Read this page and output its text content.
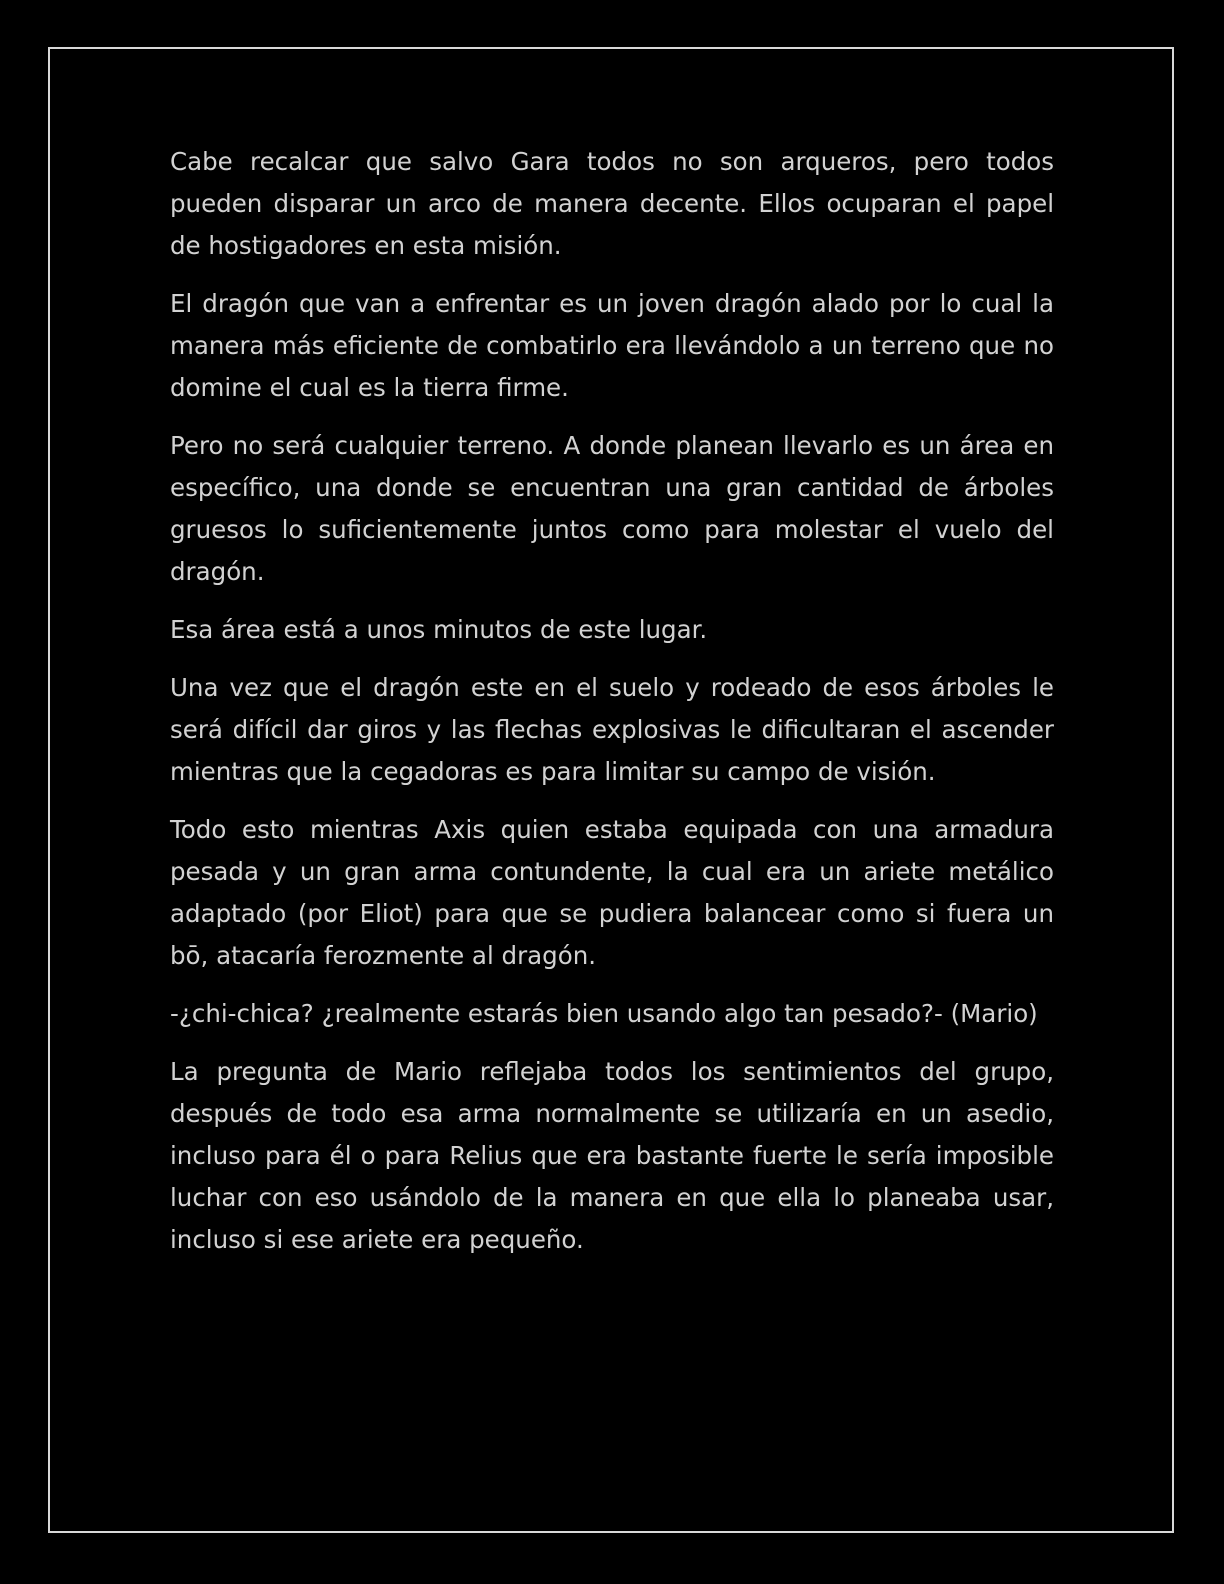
Cabe recalcar que salvo Gara todos no son arqueros, pero todos pueden disparar un arco de manera decente. Ellos ocuparan el papel de hostigadores en esta misión.

El dragón que van a enfrentar es un joven dragón alado por lo cual la manera más eficiente de combatirlo era llevándolo a un terreno que no domine el cual es la tierra firme.

Pero no será cualquier terreno. A donde planean llevarlo es un área en específico, una donde se encuentran una gran cantidad de árboles gruesos lo suficientemente juntos como para molestar el vuelo del dragón.

Esa área está a unos minutos de este lugar.

Una vez que el dragón este en el suelo y rodeado de esos árboles le será difícil dar giros y las flechas explosivas le dificultaran el ascender mientras que la cegadoras es para limitar su campo de visión.

Todo esto mientras Axis quien estaba equipada con una armadura pesada y un gran arma contundente, la cual era un ariete metálico adaptado (por Eliot) para que se pudiera balancear como si fuera un bō, atacaría ferozmente al dragón.

-¿chi-chica? ¿realmente estarás bien usando algo tan pesado?- (Mario)

La pregunta de Mario reflejaba todos los sentimientos del grupo, después de todo esa arma normalmente se utilizaría en un asedio, incluso para él o para Relius que era bastante fuerte le sería imposible luchar con eso usándolo de la manera en que ella lo planeaba usar, incluso si ese ariete era pequeño.
